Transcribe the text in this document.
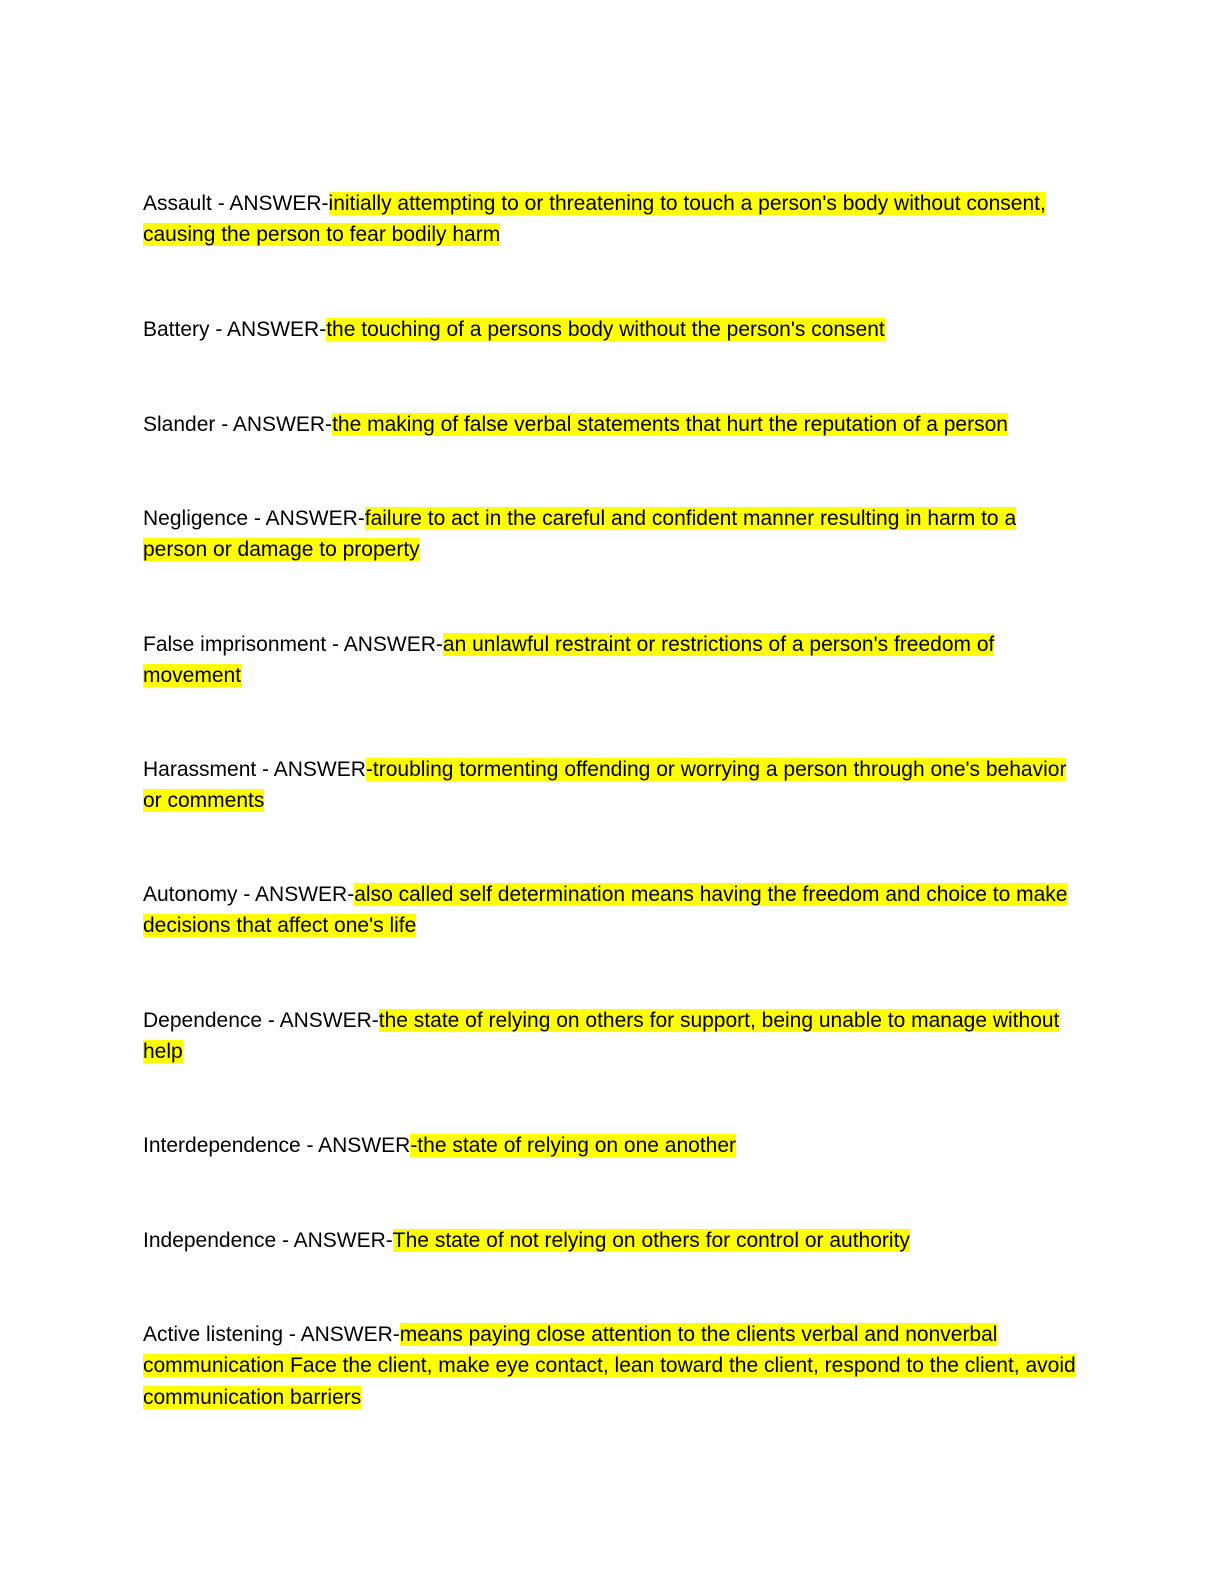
Assault - ANSWER-initially attempting to or threatening to touch a person's body without consent, causing the person to fear bodily harm

Battery - ANSWER-the touching of a persons body without the person's consent

Slander - ANSWER-the making of false verbal statements that hurt the reputation of a person

Negligence - ANSWER-failure to act in the careful and confident manner resulting in harm to a person or damage to property

False imprisonment - ANSWER-an unlawful restraint or restrictions of a person's freedom of movement

Harassment - ANSWER-troubling tormenting offending or worrying a person through one's behavior or comments

Autonomy - ANSWER-also called self determination means having the freedom and choice to make decisions that affect one's life

Dependence - ANSWER-the state of relying on others for support, being unable to manage without help

Interdependence - ANSWER-the state of relying on one another

Independence - ANSWER-The state of not relying on others for control or authority

Active listening - ANSWER-means paying close attention to the clients verbal and nonverbal communication Face the client, make eye contact, lean toward the client, respond to the client, avoid communication barriers
